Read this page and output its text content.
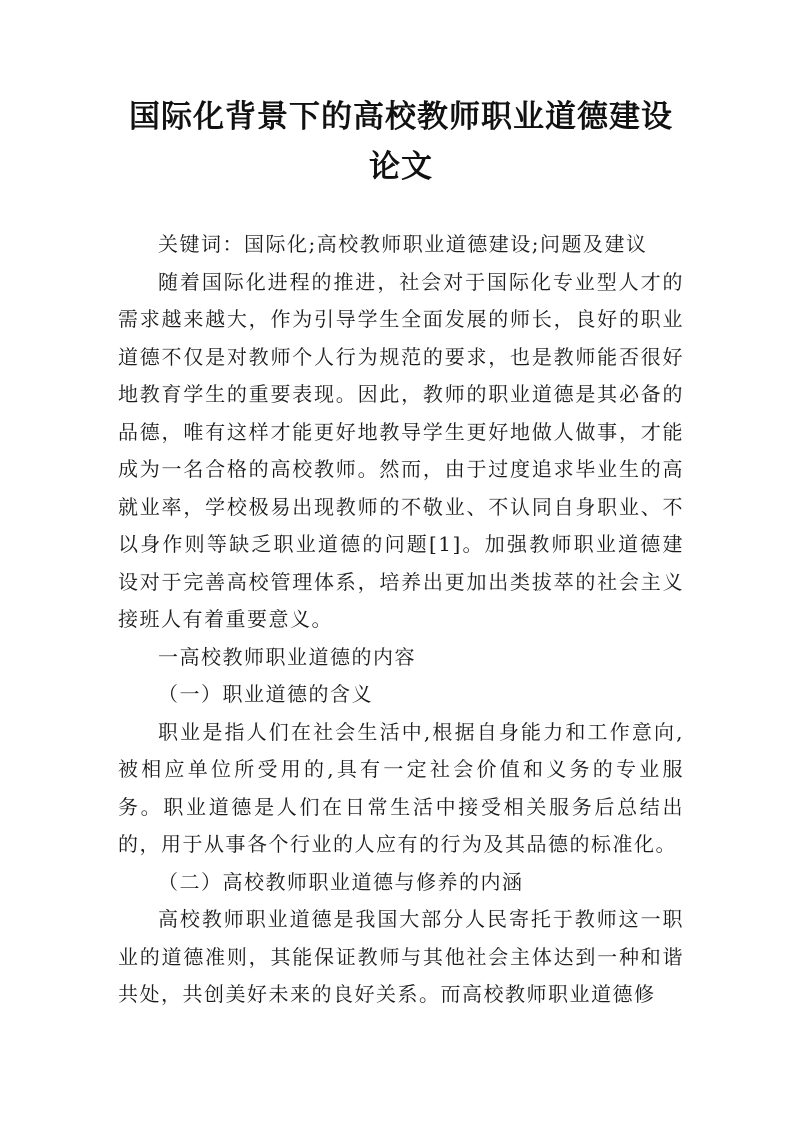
国际化背景下的高校教师职业道德建设论文

关键词：国际化;高校教师职业道德建设;问题及建议

随着国际化进程的推进，社会对于国际化专业型人才的需求越来越大，作为引导学生全面发展的师长，良好的职业道德不仅是对教师个人行为规范的要求，也是教师能否很好地教育学生的重要表现。因此，教师的职业道德是其必备的品德，唯有这样才能更好地教导学生更好地做人做事，才能成为一名合格的高校教师。然而，由于过度追求毕业生的高就业率，学校极易出现教师的不敬业、不认同自身职业、不以身作则等缺乏职业道德的问题[1]。加强教师职业道德建设对于完善高校管理体系，培养出更加出类拔萃的社会主义接班人有着重要意义。

一高校教师职业道德的内容

（一）职业道德的含义

职业是指人们在社会生活中,根据自身能力和工作意向,被相应单位所受用的,具有一定社会价值和义务的专业服务。职业道德是人们在日常生活中接受相关服务后总结出的，用于从事各个行业的人应有的行为及其品德的标准化。

（二）高校教师职业道德与修养的内涵

高校教师职业道德是我国大部分人民寄托于教师这一职业的道德准则，其能保证教师与其他社会主体达到一种和谐共处，共创美好未来的良好关系。而高校教师职业道德修
